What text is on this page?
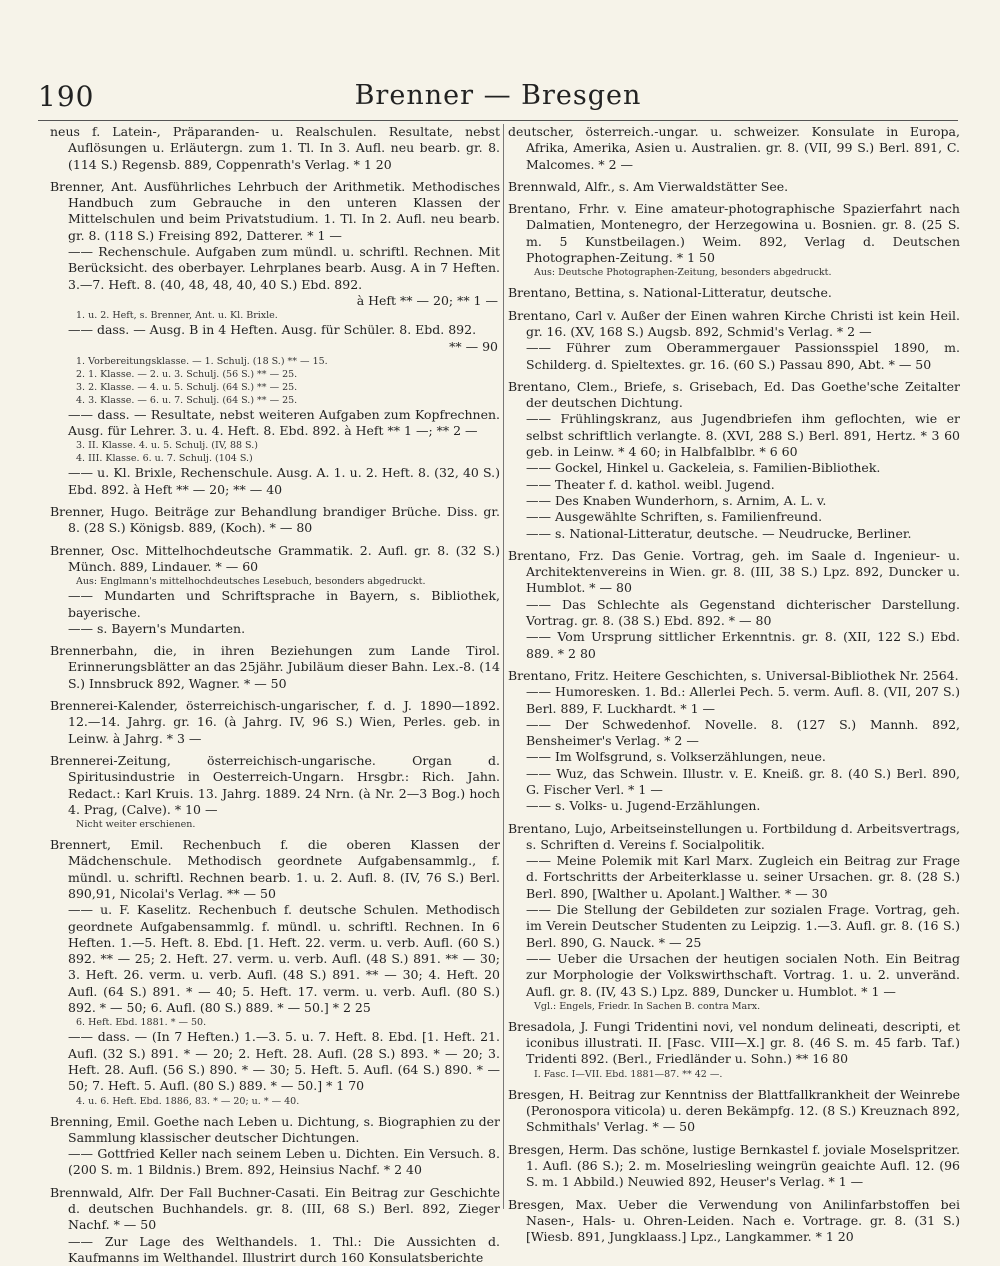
190	Brenner — Bresgen

neus f. Latein-, Präparanden- u. Realschulen. Resultate, nebst Auflösungen u. Erläutergn. zum 1. Tl. In 3. Aufl. neu bearb. gr. 8. (114 S.) Regensb. 889, Coppenrath's Verlag. * 1 20

Brenner, Ant. Ausführliches Lehrbuch der Arithmetik. Methodisches Handbuch zum Gebrauche in den unteren Klassen der Mittelschulen und beim Privatstudium. 1. Tl. In 2. Aufl. neu bearb. gr. 8. (118 S.) Freising 892, Datterer. * 1 —

—— Rechenschule. Aufgaben zum mündl. u. schriftl. Rechnen. Mit Berücksicht. des oberbayer. Lehrplanes bearb. Ausg. A in 7 Heften. 3.—7. Heft. 8. (40, 48, 48, 40, 40 S.) Ebd. 892.

à Heft ** — 20; ** 1 —

1. u. 2. Heft, s. Brenner, Ant. u. Kl. Brixle.

—— dass. — Ausg. B in 4 Heften. Ausg. für Schüler. 8. Ebd. 892.

** — 90

1. Vorbereitungsklasse. — 1. Schulj. (18 S.) ** — 15.

2. 1. Klasse. — 2. u. 3. Schulj. (56 S.) ** — 25.

3. 2. Klasse. — 4. u. 5. Schulj. (64 S.) ** — 25.

4. 3. Klasse. — 6. u. 7. Schulj. (64 S.) ** — 25.

—— dass. — Resultate, nebst weiteren Aufgaben zum Kopfrechnen. Ausg. für Lehrer. 3. u. 4. Heft. 8. Ebd. 892. à Heft ** 1 —; ** 2 —

3. II. Klasse. 4. u. 5. Schulj. (IV, 88 S.)

4. III. Klasse. 6. u. 7. Schulj. (104 S.)

—— u. Kl. Brixle, Rechenschule. Ausg. A. 1. u. 2. Heft. 8. (32, 40 S.) Ebd. 892. à Heft ** — 20; ** — 40

Brenner, Hugo. Beiträge zur Behandlung brandiger Brüche. Diss. gr. 8. (28 S.) Königsb. 889, (Koch). * — 80

Brenner, Osc. Mittelhochdeutsche Grammatik. 2. Aufl. gr. 8. (32 S.) Münch. 889, Lindauer. * — 60

Aus: Englmann's mittelhochdeutsches Lesebuch, besonders abgedruckt.

—— Mundarten und Schriftsprache in Bayern, s. Bibliothek, bayerische.

—— s. Bayern's Mundarten.

Brennerbahn, die, in ihren Beziehungen zum Lande Tirol. Erinnerungsblätter an das 25jähr. Jubiläum dieser Bahn. Lex.-8. (14 S.) Innsbruck 892, Wagner. * — 50

Brennerei-Kalender, österreichisch-ungarischer, f. d. J. 1890—1892. 12.—14. Jahrg. gr. 16. (à Jahrg. IV, 96 S.) Wien, Perles. geb. in Leinw. à Jahrg. * 3 —

Brennerei-Zeitung, österreichisch-ungarische. Organ d. Spiritusindustrie in Oesterreich-Ungarn. Hrsgbr.: Rich. Jahn. Redact.: Karl Kruis. 13. Jahrg. 1889. 24 Nrn. (à Nr. 2—3 Bog.) hoch 4. Prag, (Calve). * 10 —

Nicht weiter erschienen.

Brennert, Emil. Rechenbuch f. die oberen Klassen der Mädchenschule. Methodisch geordnete Aufgabensammlg., f. mündl. u. schriftl. Rechnen bearb. 1. u. 2. Aufl. 8. (IV, 76 S.) Berl. 890,91, Nicolai's Verlag. ** — 50

—— u. F. Kaselitz. Rechenbuch f. deutsche Schulen. Methodisch geordnete Aufgabensammlg. f. mündl. u. schriftl. Rechnen. In 6 Heften. 1.—5. Heft. 8. Ebd. [1. Heft. 22. verm. u. verb. Aufl. (60 S.) 892. ** — 25; 2. Heft. 27. verm. u. verb. Aufl. (48 S.) 891. ** — 30; 3. Heft. 26. verm. u. verb. Aufl. (48 S.) 891. ** — 30; 4. Heft. 20 Aufl. (64 S.) 891. * — 40; 5. Heft. 17. verm. u. verb. Aufl. (80 S.) 892. * — 50; 6. Aufl. (80 S.) 889. * — 50.] * 2 25

6. Heft. Ebd. 1881. * — 50.

—— dass. — (In 7 Heften.) 1.—3. 5. u. 7. Heft. 8. Ebd. [1. Heft. 21. Aufl. (32 S.) 891. * — 20; 2. Heft. 28. Aufl. (28 S.) 893. * — 20; 3. Heft. 28. Aufl. (56 S.) 890. * — 30; 5. Heft. 5. Aufl. (64 S.) 890. * — 50; 7. Heft. 5. Aufl. (80 S.) 889. * — 50.] * 1 70

4. u. 6. Heft. Ebd. 1886, 83. * — 20; u. * — 40.

Brenning, Emil. Goethe nach Leben u. Dichtung, s. Biographien zu der Sammlung klassischer deutscher Dichtungen.

—— Gottfried Keller nach seinem Leben u. Dichten. Ein Versuch. 8. (200 S. m. 1 Bildnis.) Brem. 892, Heinsius Nachf. * 2 40

Brennwald, Alfr. Der Fall Buchner-Casati. Ein Beitrag zur Geschichte d. deutschen Buchhandels. gr. 8. (III, 68 S.) Berl. 892, Zieger Nachf. * — 50

—— Zur Lage des Welthandels. 1. Thl.: Die Aussichten d. Kaufmanns im Welthandel. Illustrirt durch 160 Konsulatsberichte

deutscher, österreich.-ungar. u. schweizer. Konsulate in Europa, Afrika, Amerika, Asien u. Australien. gr. 8. (VII, 99 S.) Berl. 891, C. Malcomes. * 2 —

Brennwald, Alfr., s. Am Vierwaldstätter See.

Brentano, Frhr. v. Eine amateur-photographische Spazierfahrt nach Dalmatien, Montenegro, der Herzegowina u. Bosnien. gr. 8. (25 S. m. 5 Kunstbeilagen.) Weim. 892, Verlag d. Deutschen Photographen-Zeitung. * 1 50

Aus: Deutsche Photographen-Zeitung, besonders abgedruckt.

Brentano, Bettina, s. National-Litteratur, deutsche.

Brentano, Carl v. Außer der Einen wahren Kirche Christi ist kein Heil. gr. 16. (XV, 168 S.) Augsb. 892, Schmid's Verlag. * 2 —

—— Führer zum Oberammergauer Passionsspiel 1890, m. Schilderg. d. Spieltextes. gr. 16. (60 S.) Passau 890, Abt. * — 50

Brentano, Clem., Briefe, s. Grisebach, Ed. Das Goethe'sche Zeitalter der deutschen Dichtung.

—— Frühlingskranz, aus Jugendbriefen ihm geflochten, wie er selbst schriftlich verlangte. 8. (XVI, 288 S.) Berl. 891, Hertz. * 3 60 geb. in Leinw. * 4 60; in Halbfalblbr. * 6 60

—— Gockel, Hinkel u. Gackeleia, s. Familien-Bibliothek.

—— Theater f. d. kathol. weibl. Jugend.

—— Des Knaben Wunderhorn, s. Arnim, A. L. v.

—— Ausgewählte Schriften, s. Familienfreund.

—— s. National-Litteratur, deutsche. — Neudrucke, Berliner.

Brentano, Frz. Das Genie. Vortrag, geh. im Saale d. Ingenieur- u. Architektenvereins in Wien. gr. 8. (III, 38 S.) Lpz. 892, Duncker u. Humblot. * — 80

—— Das Schlechte als Gegenstand dichterischer Darstellung. Vortrag. gr. 8. (38 S.) Ebd. 892. * — 80

—— Vom Ursprung sittlicher Erkenntnis. gr. 8. (XII, 122 S.) Ebd. 889. * 2 80

Brentano, Fritz. Heitere Geschichten, s. Universal-Bibliothek Nr. 2564.

—— Humoresken. 1. Bd.: Allerlei Pech. 5. verm. Aufl. 8. (VII, 207 S.) Berl. 889, F. Luckhardt. * 1 —

—— Der Schwedenhof. Novelle. 8. (127 S.) Mannh. 892, Bensheimer's Verlag. * 2 —

—— Im Wolfsgrund, s. Volkserzählungen, neue.

—— Wuz, das Schwein. Illustr. v. E. Kneiß. gr. 8. (40 S.) Berl. 890, G. Fischer Verl. * 1 —

—— s. Volks- u. Jugend-Erzählungen.

Brentano, Lujo, Arbeitseinstellungen u. Fortbildung d. Arbeitsvertrags, s. Schriften d. Vereins f. Socialpolitik.

—— Meine Polemik mit Karl Marx. Zugleich ein Beitrag zur Frage d. Fortschritts der Arbeiterklasse u. seiner Ursachen. gr. 8. (28 S.) Berl. 890, [Walther u. Apolant.] Walther. * — 30

—— Die Stellung der Gebildeten zur sozialen Frage. Vortrag, geh. im Verein Deutscher Studenten zu Leipzig. 1.—3. Aufl. gr. 8. (16 S.) Berl. 890, G. Nauck. * — 25

—— Ueber die Ursachen der heutigen socialen Noth. Ein Beitrag zur Morphologie der Volkswirthschaft. Vortrag. 1. u. 2. unveränd. Aufl. gr. 8. (IV, 43 S.) Lpz. 889, Duncker u. Humblot. * 1 —

Vgl.: Engels, Friedr. In Sachen B. contra Marx.

Bresadola, J. Fungi Tridentini novi, vel nondum delineati, descripti, et iconibus illustrati. II. [Fasc. VIII—X.] gr. 8. (46 S. m. 45 farb. Taf.) Tridenti 892. (Berl., Friedländer u. Sohn.) ** 16 80

I. Fasc. I—VII. Ebd. 1881—87. ** 42 —.

Bresgen, H. Beitrag zur Kenntniss der Blattfallkrankheit der Weinrebe (Peronospora viticola) u. deren Bekämpfg. 12. (8 S.) Kreuznach 892, Schmithals' Verlag. * — 50

Bresgen, Herm. Das schöne, lustige Bernkastel f. joviale Moselspritzer. 1. Aufl. (86 S.); 2. m. Moselriesling weingrün geaichte Aufl. 12. (96 S. m. 1 Abbild.) Neuwied 892, Heuser's Verlag. * 1 —

Bresgen, Max. Ueber die Verwendung von Anilinfarbstoffen bei Nasen-, Hals- u. Ohren-Leiden. Nach e. Vortrage. gr. 8. (31 S.) [Wiesb. 891, Jungklaass.] Lpz., Langkammer. * 1 20
